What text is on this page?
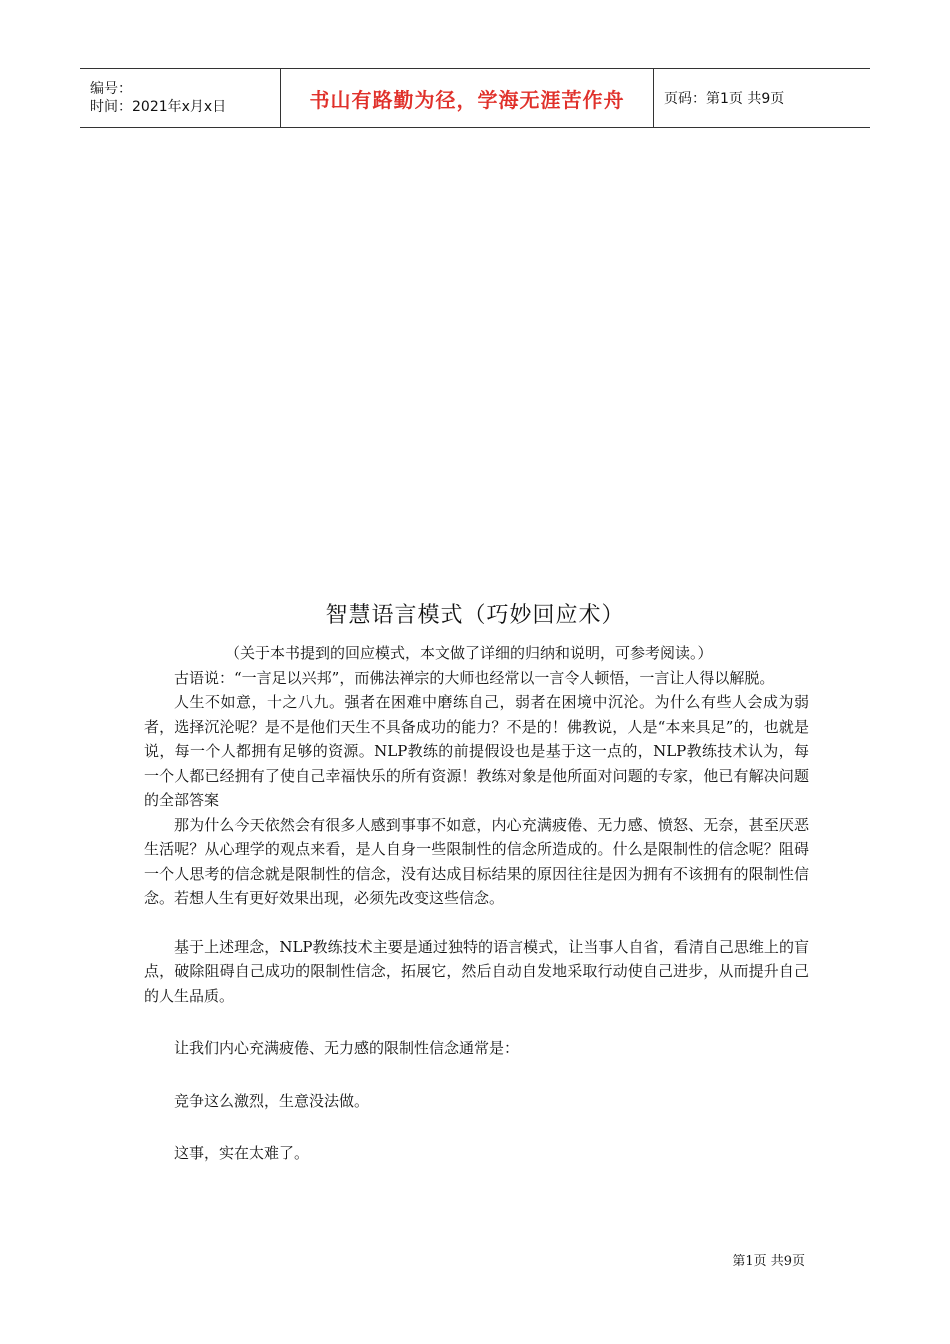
编号：
时间：2021年x月x日	书山有路勤为径，学海无涯苦作舟	页码：第1页 共9页
智慧语言模式（巧妙回应术）

（关于本书提到的回应模式，本文做了详细的归纳和说明，可参考阅读。）

古语说：“一言足以兴邦”，而佛法禅宗的大师也经常以一言令人顿悟，一言让人得以解脱。

人生不如意，十之八九。强者在困难中磨练自己，弱者在困境中沉沦。为什么有些人会成为弱者，选择沉沦呢？是不是他们天生不具备成功的能力？不是的！佛教说，人是“本来具足”的，也就是说，每一个人都拥有足够的资源。NLP教练的前提假设也是基于这一点的，NLP教练技术认为，每一个人都已经拥有了使自己幸福快乐的所有资源！教练对象是他所面对问题的专家，他已有解决问题的全部答案

那为什么今天依然会有很多人感到事事不如意，内心充满疲倦、无力感、愤怒、无奈，甚至厌恶生活呢？从心理学的观点来看，是人自身一些限制性的信念所造成的。什么是限制性的信念呢？阻碍一个人思考的信念就是限制性的信念，没有达成目标结果的原因往往是因为拥有不该拥有的限制性信念。若想人生有更好效果出现，必须先改变这些信念。

基于上述理念，NLP教练技术主要是通过独特的语言模式，让当事人自省，看清自己思维上的盲点，破除阻碍自己成功的限制性信念，拓展它，然后自动自发地采取行动使自己进步，从而提升自己的人生品质。

让我们内心充满疲倦、无力感的限制性信念通常是：

竞争这么激烈，生意没法做。

这事，实在太难了。

第1页 共9页
